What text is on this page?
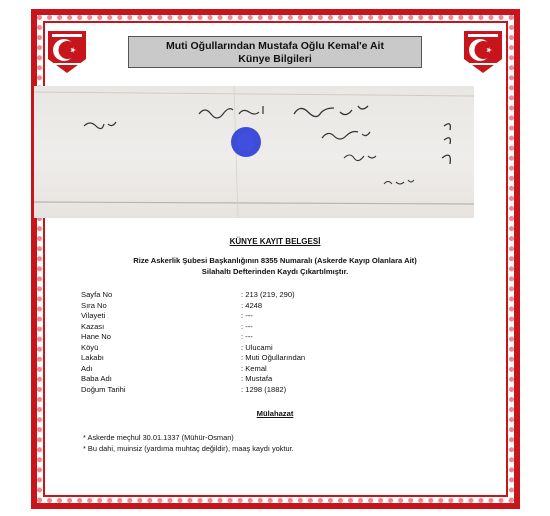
Muti Oğullarından Mustafa Oğlu Kemal'e Ait
Künye Bilgileri
KÜNYE KAYIT BELGESİ
Rize Askerlik Şubesi Başkanlığının 8355 Numaralı (Askerde Kayıp Olanlara Ait)
Silahaltı Defterinden Kaydı Çıkartılmıştır.
Sayfa No	: 213 (219, 290)
Sıra No	: 4248
Vilayeti	: ---
Kazası	: ---
Hane No	: ---
Köyü	: Ulucami
Lakabı	: Muti Oğullarından
Adı	: Kemal
Baba Adı	: Mustafa
Doğum Tarihi	: 1298 (1882)
Mülahazat
* Askerde meçhul 30.01.1337 (Mühür-Osman)
* Bu dahi, muinsiz (yardıma muhtaç değildir), maaş kaydı yoktur.
